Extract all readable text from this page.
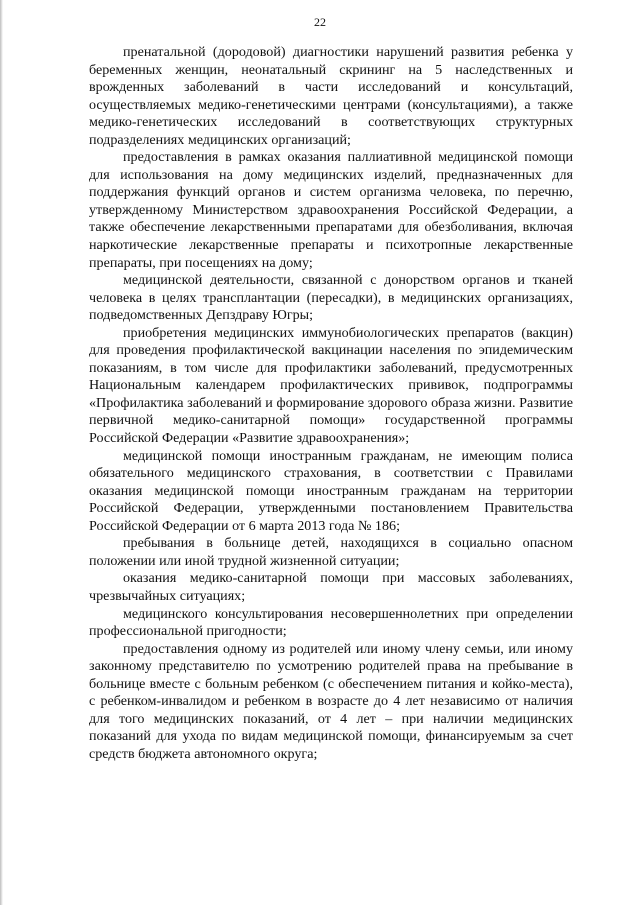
22

пренатальной (дородовой) диагностики нарушений развития ребенка у беременных женщин, неонатальный скрининг на 5 наследственных и врожденных заболеваний в части исследований и консультаций, осуществляемых медико-генетическими центрами (консультациями), а также медико-генетических исследований в соответствующих структурных подразделениях медицинских организаций;

предоставления в рамках оказания паллиативной медицинской помощи для использования на дому медицинских изделий, предназначенных для поддержания функций органов и систем организма человека, по перечню, утвержденному Министерством здравоохранения Российской Федерации, а также обеспечение лекарственными препаратами для обезболивания, включая наркотические лекарственные препараты и психотропные лекарственные препараты, при посещениях на дому;

медицинской деятельности, связанной с донорством органов и тканей человека в целях трансплантации (пересадки), в медицинских организациях, подведомственных Депздраву Югры;

приобретения медицинских иммунобиологических препаратов (вакцин) для проведения профилактической вакцинации населения по эпидемическим показаниям, в том числе для профилактики заболеваний, предусмотренных Национальным календарем профилактических прививок, подпрограммы «Профилактика заболеваний и формирование здорового образа жизни. Развитие первичной медико-санитарной помощи» государственной программы Российской Федерации «Развитие здравоохранения»;

медицинской помощи иностранным гражданам, не имеющим полиса обязательного медицинского страхования, в соответствии с Правилами оказания медицинской помощи иностранным гражданам на территории Российской Федерации, утвержденными постановлением Правительства Российской Федерации от 6 марта 2013 года № 186;

пребывания в больнице детей, находящихся в социально опасном положении или иной трудной жизненной ситуации;

оказания медико-санитарной помощи при массовых заболеваниях, чрезвычайных ситуациях;

медицинского консультирования несовершеннолетних при определении профессиональной пригодности;

предоставления одному из родителей или иному члену семьи, или иному законному представителю по усмотрению родителей права на пребывание в больнице вместе с больным ребенком (с обеспечением питания и койко-места), с ребенком-инвалидом и ребенком в возрасте до 4 лет независимо от наличия для того медицинских показаний, от 4 лет – при наличии медицинских показаний для ухода по видам медицинской помощи, финансируемым за счет средств бюджета автономного округа;
